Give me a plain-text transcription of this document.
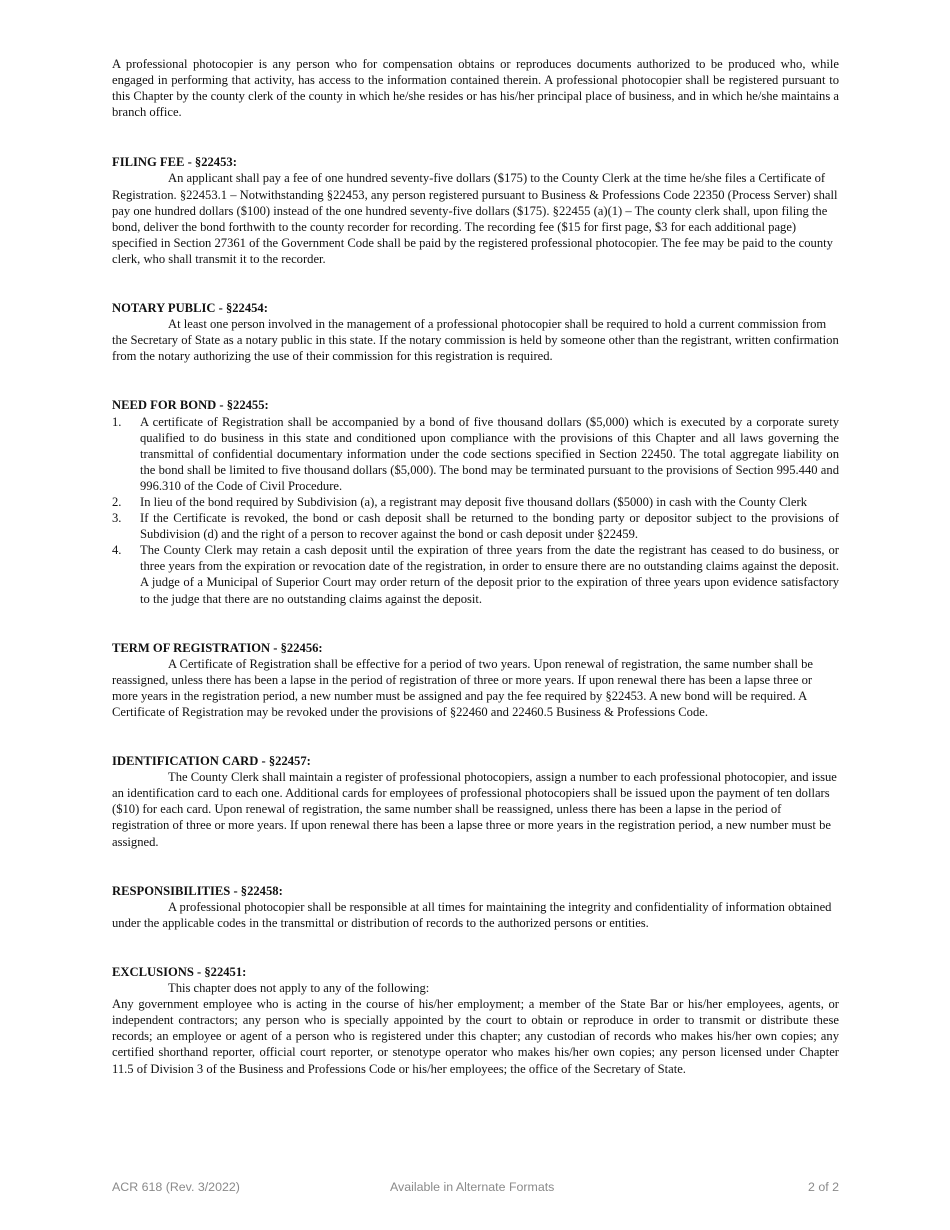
A professional photocopier is any person who for compensation obtains or reproduces documents authorized to be produced who, while engaged in performing that activity, has access to the information contained therein. A professional photocopier shall be registered pursuant to this Chapter by the county clerk of the county in which he/she resides or has his/her principal place of business, and in which he/she maintains a branch office.

FILING FEE - §22453:

An applicant shall pay a fee of one hundred seventy-five dollars ($175) to the County Clerk at the time he/she files a Certificate of Registration. §22453.1 – Notwithstanding §22453, any person registered pursuant to Business & Professions Code 22350 (Process Server) shall pay one hundred dollars ($100) instead of the one hundred seventy-five dollars ($175). §22455 (a)(1) – The county clerk shall, upon filing the bond, deliver the bond forthwith to the county recorder for recording. The recording fee ($15 for first page, $3 for each additional page) specified in Section 27361 of the Government Code shall be paid by the registered professional photocopier. The fee may be paid to the county clerk, who shall transmit it to the recorder.

NOTARY PUBLIC - §22454:

At least one person involved in the management of a professional photocopier shall be required to hold a current commission from the Secretary of State as a notary public in this state. If the notary commission is held by someone other than the registrant, written confirmation from the notary authorizing the use of their commission for this registration is required.

NEED FOR BOND - §22455:

1. A certificate of Registration shall be accompanied by a bond of five thousand dollars ($5,000) which is executed by a corporate surety qualified to do business in this state and conditioned upon compliance with the provisions of this Chapter and all laws governing the transmittal of confidential documentary information under the code sections specified in Section 22450. The total aggregate liability on the bond shall be limited to five thousand dollars ($5,000). The bond may be terminated pursuant to the provisions of Section 995.440 and 996.310 of the Code of Civil Procedure.

2. In lieu of the bond required by Subdivision (a), a registrant may deposit five thousand dollars ($5000) in cash with the County Clerk

3. If the Certificate is revoked, the bond or cash deposit shall be returned to the bonding party or depositor subject to the provisions of Subdivision (d) and the right of a person to recover against the bond or cash deposit under §22459.

4. The County Clerk may retain a cash deposit until the expiration of three years from the date the registrant has ceased to do business, or three years from the expiration or revocation date of the registration, in order to ensure there are no outstanding claims against the deposit. A judge of a Municipal of Superior Court may order return of the deposit prior to the expiration of three years upon evidence satisfactory to the judge that there are no outstanding claims against the deposit.

TERM OF REGISTRATION - §22456:

A Certificate of Registration shall be effective for a period of two years. Upon renewal of registration, the same number shall be reassigned, unless there has been a lapse in the period of registration of three or more years. If upon renewal there has been a lapse three or more years in the registration period, a new number must be assigned and pay the fee required by §22453. A new bond will be required. A Certificate of Registration may be revoked under the provisions of §22460 and 22460.5 Business & Professions Code.

IDENTIFICATION CARD - §22457:

The County Clerk shall maintain a register of professional photocopiers, assign a number to each professional photocopier, and issue an identification card to each one. Additional cards for employees of professional photocopiers shall be issued upon the payment of ten dollars ($10) for each card. Upon renewal of registration, the same number shall be reassigned, unless there has been a lapse in the period of registration of three or more years. If upon renewal there has been a lapse three or more years in the registration period, a new number must be assigned.

RESPONSIBILITIES - §22458:

A professional photocopier shall be responsible at all times for maintaining the integrity and confidentiality of information obtained under the applicable codes in the transmittal or distribution of records to the authorized persons or entities.

EXCLUSIONS - §22451:

This chapter does not apply to any of the following:

Any government employee who is acting in the course of his/her employment; a member of the State Bar or his/her employees, agents, or independent contractors; any person who is specially appointed by the court to obtain or reproduce in order to transmit or distribute these records; an employee or agent of a person who is registered under this chapter; any custodian of records who makes his/her own copies; any certified shorthand reporter, official court reporter, or stenotype operator who makes his/her own copies; any person licensed under Chapter 11.5 of Division 3 of the Business and Professions Code or his/her employees; the office of the Secretary of State.

ACR 618 (Rev. 3/2022)	Available in Alternate Formats	2 of 2
